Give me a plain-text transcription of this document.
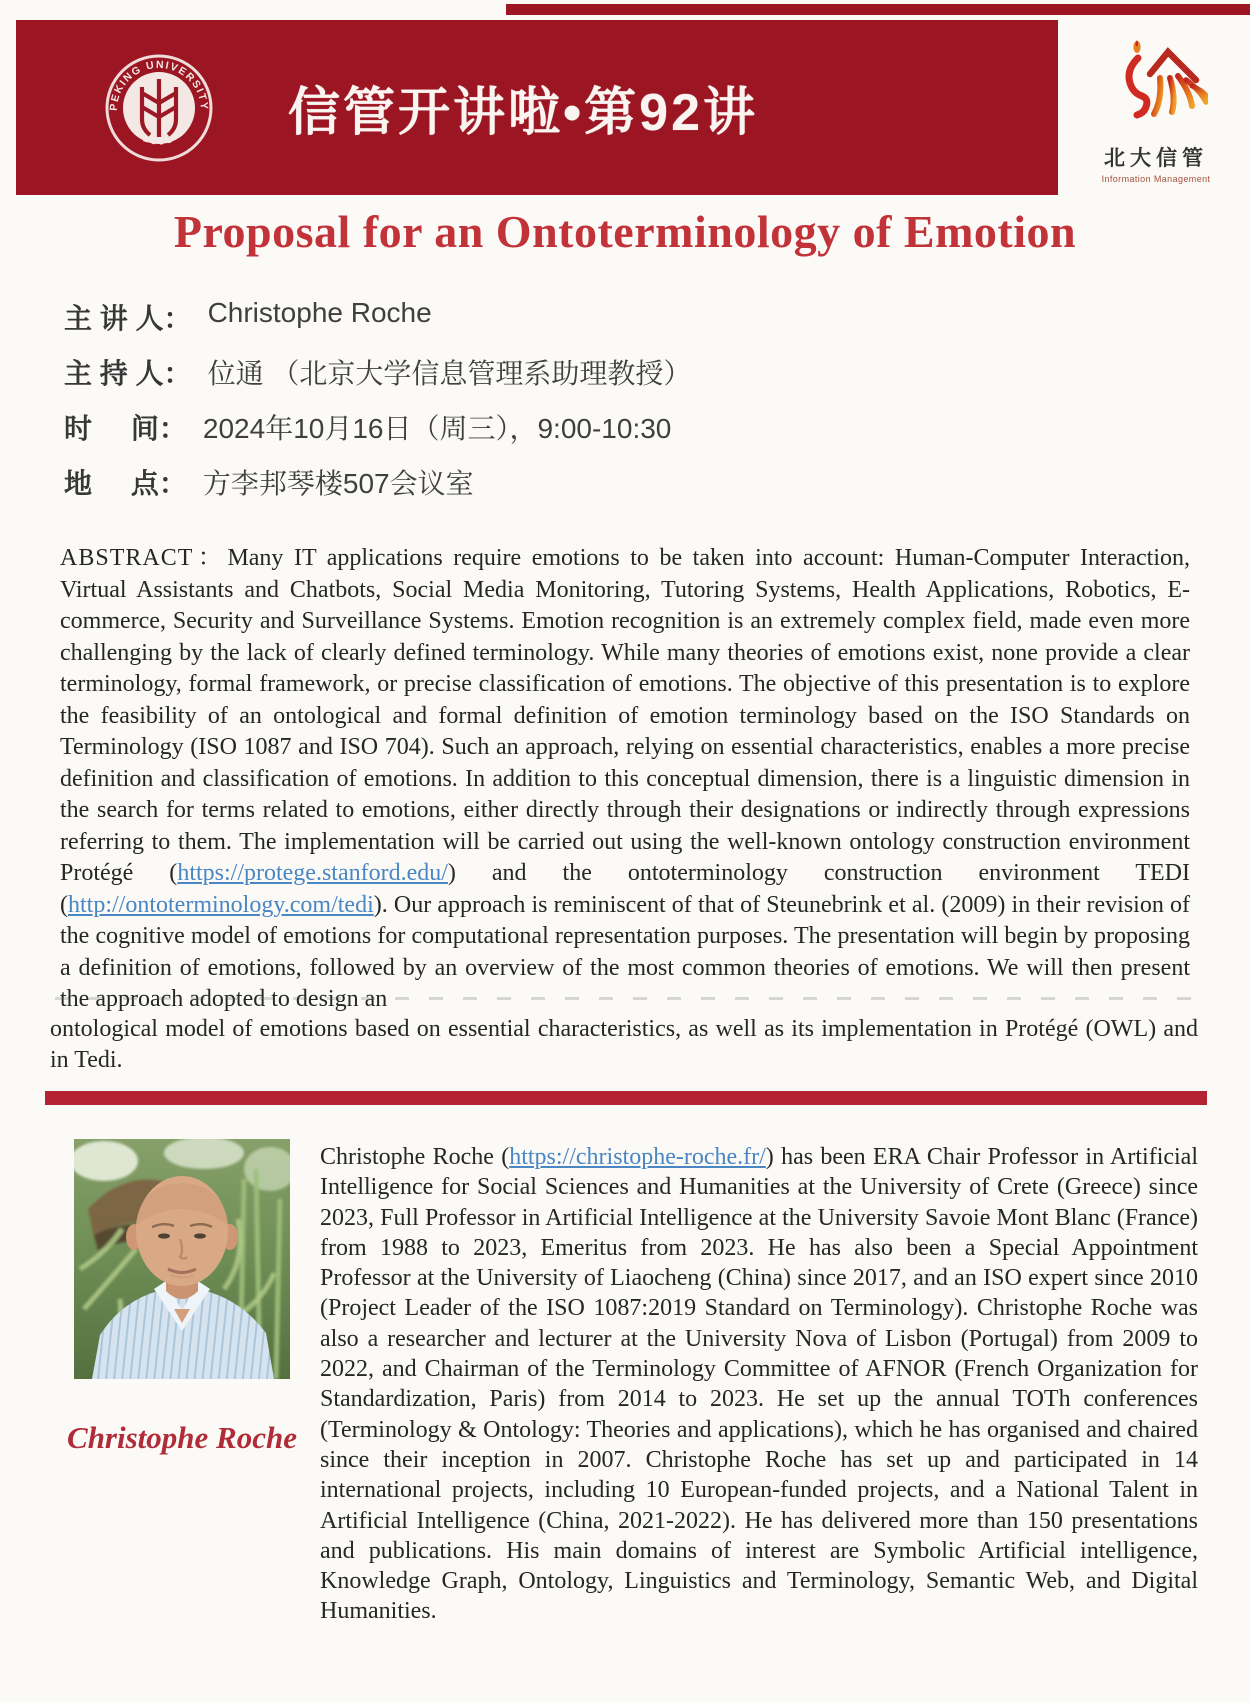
PEKING UNIVERSITY
1898	信管开讲啦•第92讲
北大信管
Information Management
Proposal for an Ontoterminology of Emotion
主 讲 人： Christophe Roche
主 持 人： 位通 （北京大学信息管理系助理教授）
时     间： 2024年10月16日（周三），9:00-10:30
地     点： 方李邦琴楼507会议室
ABSTRACT：Many IT applications require emotions to be taken into account: Human-Computer Interaction, Virtual Assistants and Chatbots, Social Media Monitoring, Tutoring Systems, Health Applications, Robotics, E-commerce, Security and Surveillance Systems. Emotion recognition is an extremely complex field, made even more challenging by the lack of clearly defined terminology. While many theories of emotions exist, none provide a clear terminology, formal framework, or precise classification of emotions. The objective of this presentation is to explore the feasibility of an ontological and formal definition of emotion terminology based on the ISO Standards on Terminology (ISO 1087 and ISO 704). Such an approach, relying on essential characteristics, enables a more precise definition and classification of emotions. In addition to this conceptual dimension, there is a linguistic dimension in the search for terms related to emotions, either directly through their designations or indirectly through expressions referring to them. The implementation will be carried out using the well-known ontology construction environment Protégé (https://protege.stanford.edu/) and the ontoterminology construction environment TEDI (http://ontoterminology.com/tedi). Our approach is reminiscent of that of Steunebrink et al. (2009) in their revision of the cognitive model of emotions for computational representation purposes. The presentation will begin by proposing a definition of emotions, followed by an overview of the most common theories of emotions. We will then present the approach adopted to design an
ontological model of emotions based on essential characteristics, as well as its implementation in Protégé (OWL) and in Tedi.
Christophe Roche
Christophe Roche (https://christophe-roche.fr/) has been ERA Chair Professor in Artificial Intelligence for Social Sciences and Humanities at the University of Crete (Greece) since 2023, Full Professor in Artificial Intelligence at the University Savoie Mont Blanc (France) from 1988 to 2023, Emeritus from 2023. He has also been a Special Appointment Professor at the University of Liaocheng (China) since 2017, and an ISO expert since 2010 (Project Leader of the ISO 1087:2019 Standard on Terminology). Christophe Roche was also a researcher and lecturer at the University Nova of Lisbon (Portugal) from 2009 to 2022, and Chairman of the Terminology Committee of AFNOR (French Organization for Standardization, Paris) from 2014 to 2023. He set up the annual TOTh conferences (Terminology & Ontology: Theories and applications), which he has organised and chaired since their inception in 2007. Christophe Roche has set up and participated in 14 international projects, including 10 European-funded projects, and a National Talent in Artificial Intelligence (China, 2021-2022). He has delivered more than 150 presentations and publications. His main domains of interest are Symbolic Artificial intelligence, Knowledge Graph, Ontology, Linguistics and Terminology, Semantic Web, and Digital Humanities.
